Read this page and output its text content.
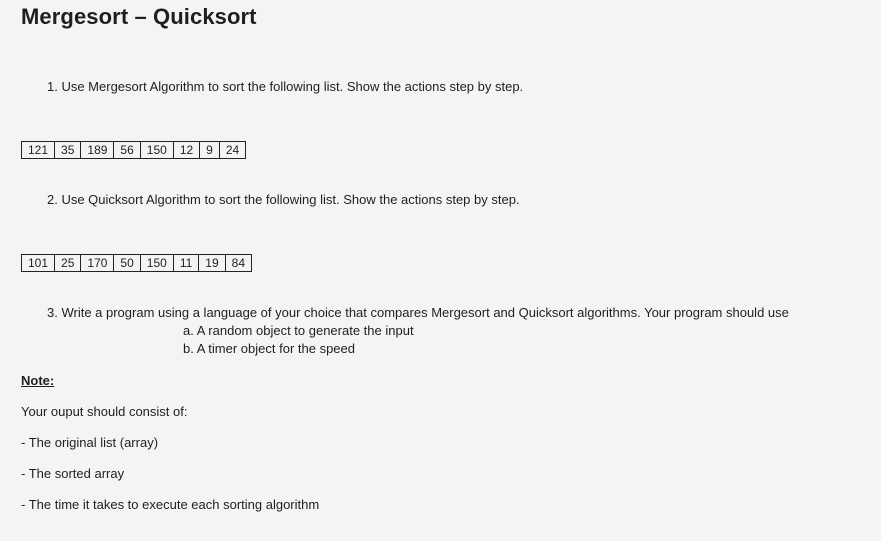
Mergesort – Quicksort
1. Use Mergesort Algorithm to sort the following list. Show the actions step by step.
121	35	189	56	150	12	9	24
2. Use Quicksort Algorithm to sort the following list. Show the actions step by step.
101	25	170	50	150	11	19	84
3. Write a program using a language of your choice that compares Mergesort and Quicksort algorithms. Your program should use
a. A random object to generate the input
b. A timer object for the speed
Note:
Your ouput should consist of:
- The original list (array)
- The sorted array
- The time it takes to execute each sorting algorithm
